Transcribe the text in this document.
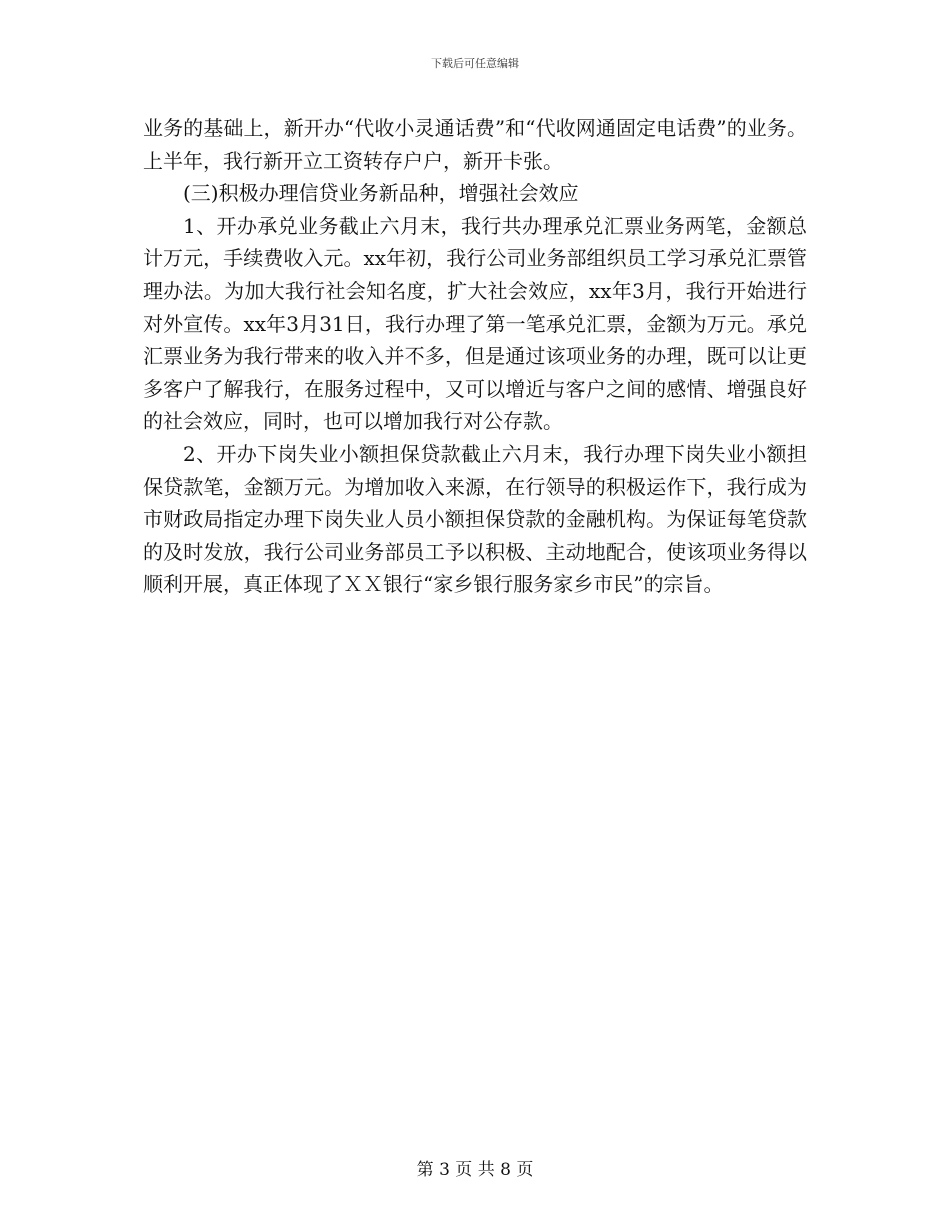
下载后可任意编辑

业务的基础上，新开办“代收小灵通话费”和“代收网通固定电话费”的业务。上半年，我行新开立工资转存户户，新开卡张。

(三)积极办理信贷业务新品种，增强社会效应

1、开办承兑业务截止六月末，我行共办理承兑汇票业务两笔，金额总计万元，手续费收入元。xx年初，我行公司业务部组织员工学习承兑汇票管理办法。为加大我行社会知名度，扩大社会效应，xx年3月，我行开始进行对外宣传。xx年3月31日，我行办理了第一笔承兑汇票，金额为万元。承兑汇票业务为我行带来的收入并不多，但是通过该项业务的办理，既可以让更多客户了解我行，在服务过程中，又可以增近与客户之间的感情、增强良好的社会效应，同时，也可以增加我行对公存款。

2、开办下岗失业小额担保贷款截止六月末，我行办理下岗失业小额担保贷款笔，金额万元。为增加收入来源，在行领导的积极运作下，我行成为市财政局指定办理下岗失业人员小额担保贷款的金融机构。为保证每笔贷款的及时发放，我行公司业务部员工予以积极、主动地配合，使该项业务得以顺利开展，真正体现了ＸＸ银行“家乡银行服务家乡市民”的宗旨。

第 3 页 共 8 页
